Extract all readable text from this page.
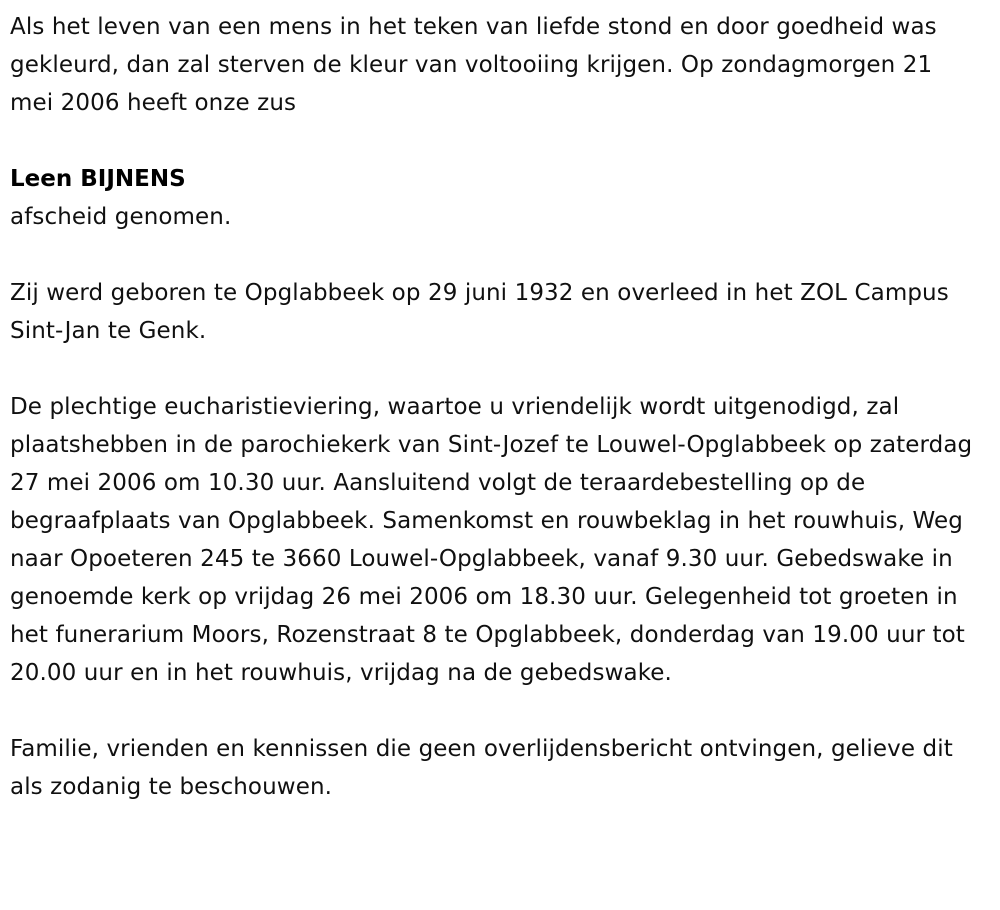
Als het leven van een mens in het teken van liefde stond en door goedheid was gekleurd, dan zal sterven de kleur van voltooiing krijgen. Op zondagmorgen 21 mei 2006 heeft onze zus

Leen BIJNENS

afscheid genomen.

Zij werd geboren te Opglabbeek op 29 juni 1932 en overleed in het ZOL Campus Sint-Jan te Genk.

De plechtige eucharistieviering, waartoe u vriendelijk wordt uitgenodigd, zal plaatshebben in de parochiekerk van Sint-Jozef te Louwel-Opglabbeek op zaterdag 27 mei 2006 om 10.30 uur. Aansluitend volgt de teraardebestelling op de begraafplaats van Opglabbeek. Samenkomst en rouwbeklag in het rouwhuis, Weg naar Opoeteren 245 te 3660 Louwel-Opglabbeek, vanaf 9.30 uur. Gebedswake in genoemde kerk op vrijdag 26 mei 2006 om 18.30 uur. Gelegenheid tot groeten in het funerarium Moors, Rozenstraat 8 te Opglabbeek, donderdag van 19.00 uur tot 20.00 uur en in het rouwhuis, vrijdag na de gebedswake.

Familie, vrienden en kennissen die geen overlijdensbericht ontvingen, gelieve dit als zodanig te beschouwen.
